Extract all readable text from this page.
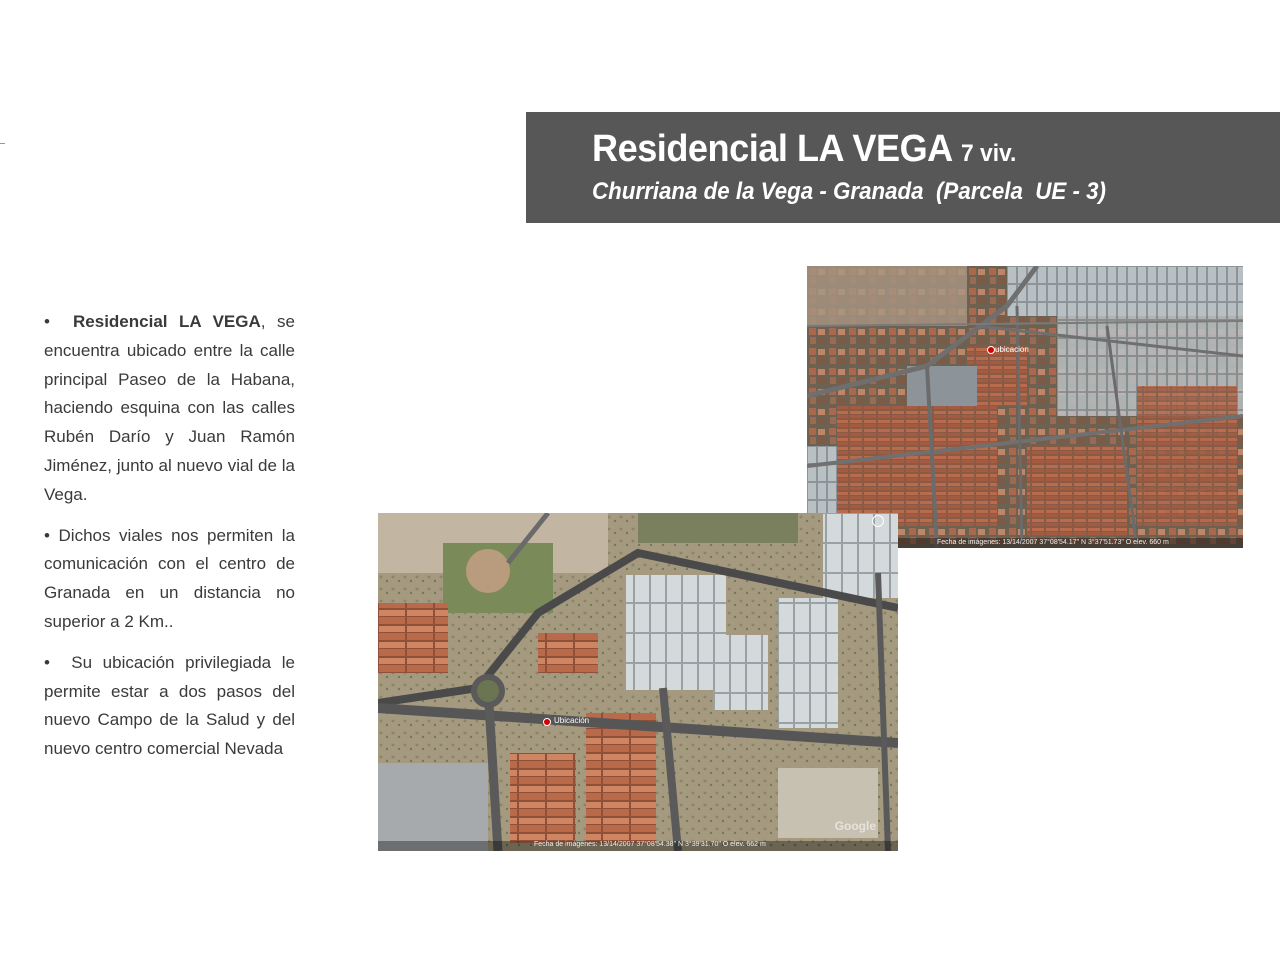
Residencial LA VEGA 7 viv.
Churriana de la Vega - Granada  (Parcela  UE - 3)

• Residencial LA VEGA, se encuentra ubicado entre la calle principal Paseo de la Habana, haciendo esquina con las calles Rubén Darío y Juan Ramón Jiménez, junto al nuevo vial de la Vega.

• Dichos viales nos permiten la comunicación con el centro de Granada en un distancia no superior a 2 Km..

• Su ubicación privilegiada le permite estar a dos pasos del nuevo Campo de la Salud y del nuevo centro comercial Nevada

ubicacion
Fecha de imágenes: 13/14/2007 37°08'54.17" N 3°37'51.73" O elev. 660 m
Ubicación
Google
Fecha de imágenes: 13/14/2007 37°08'54.38" N 3°39'31.70" O elev. 662 m
